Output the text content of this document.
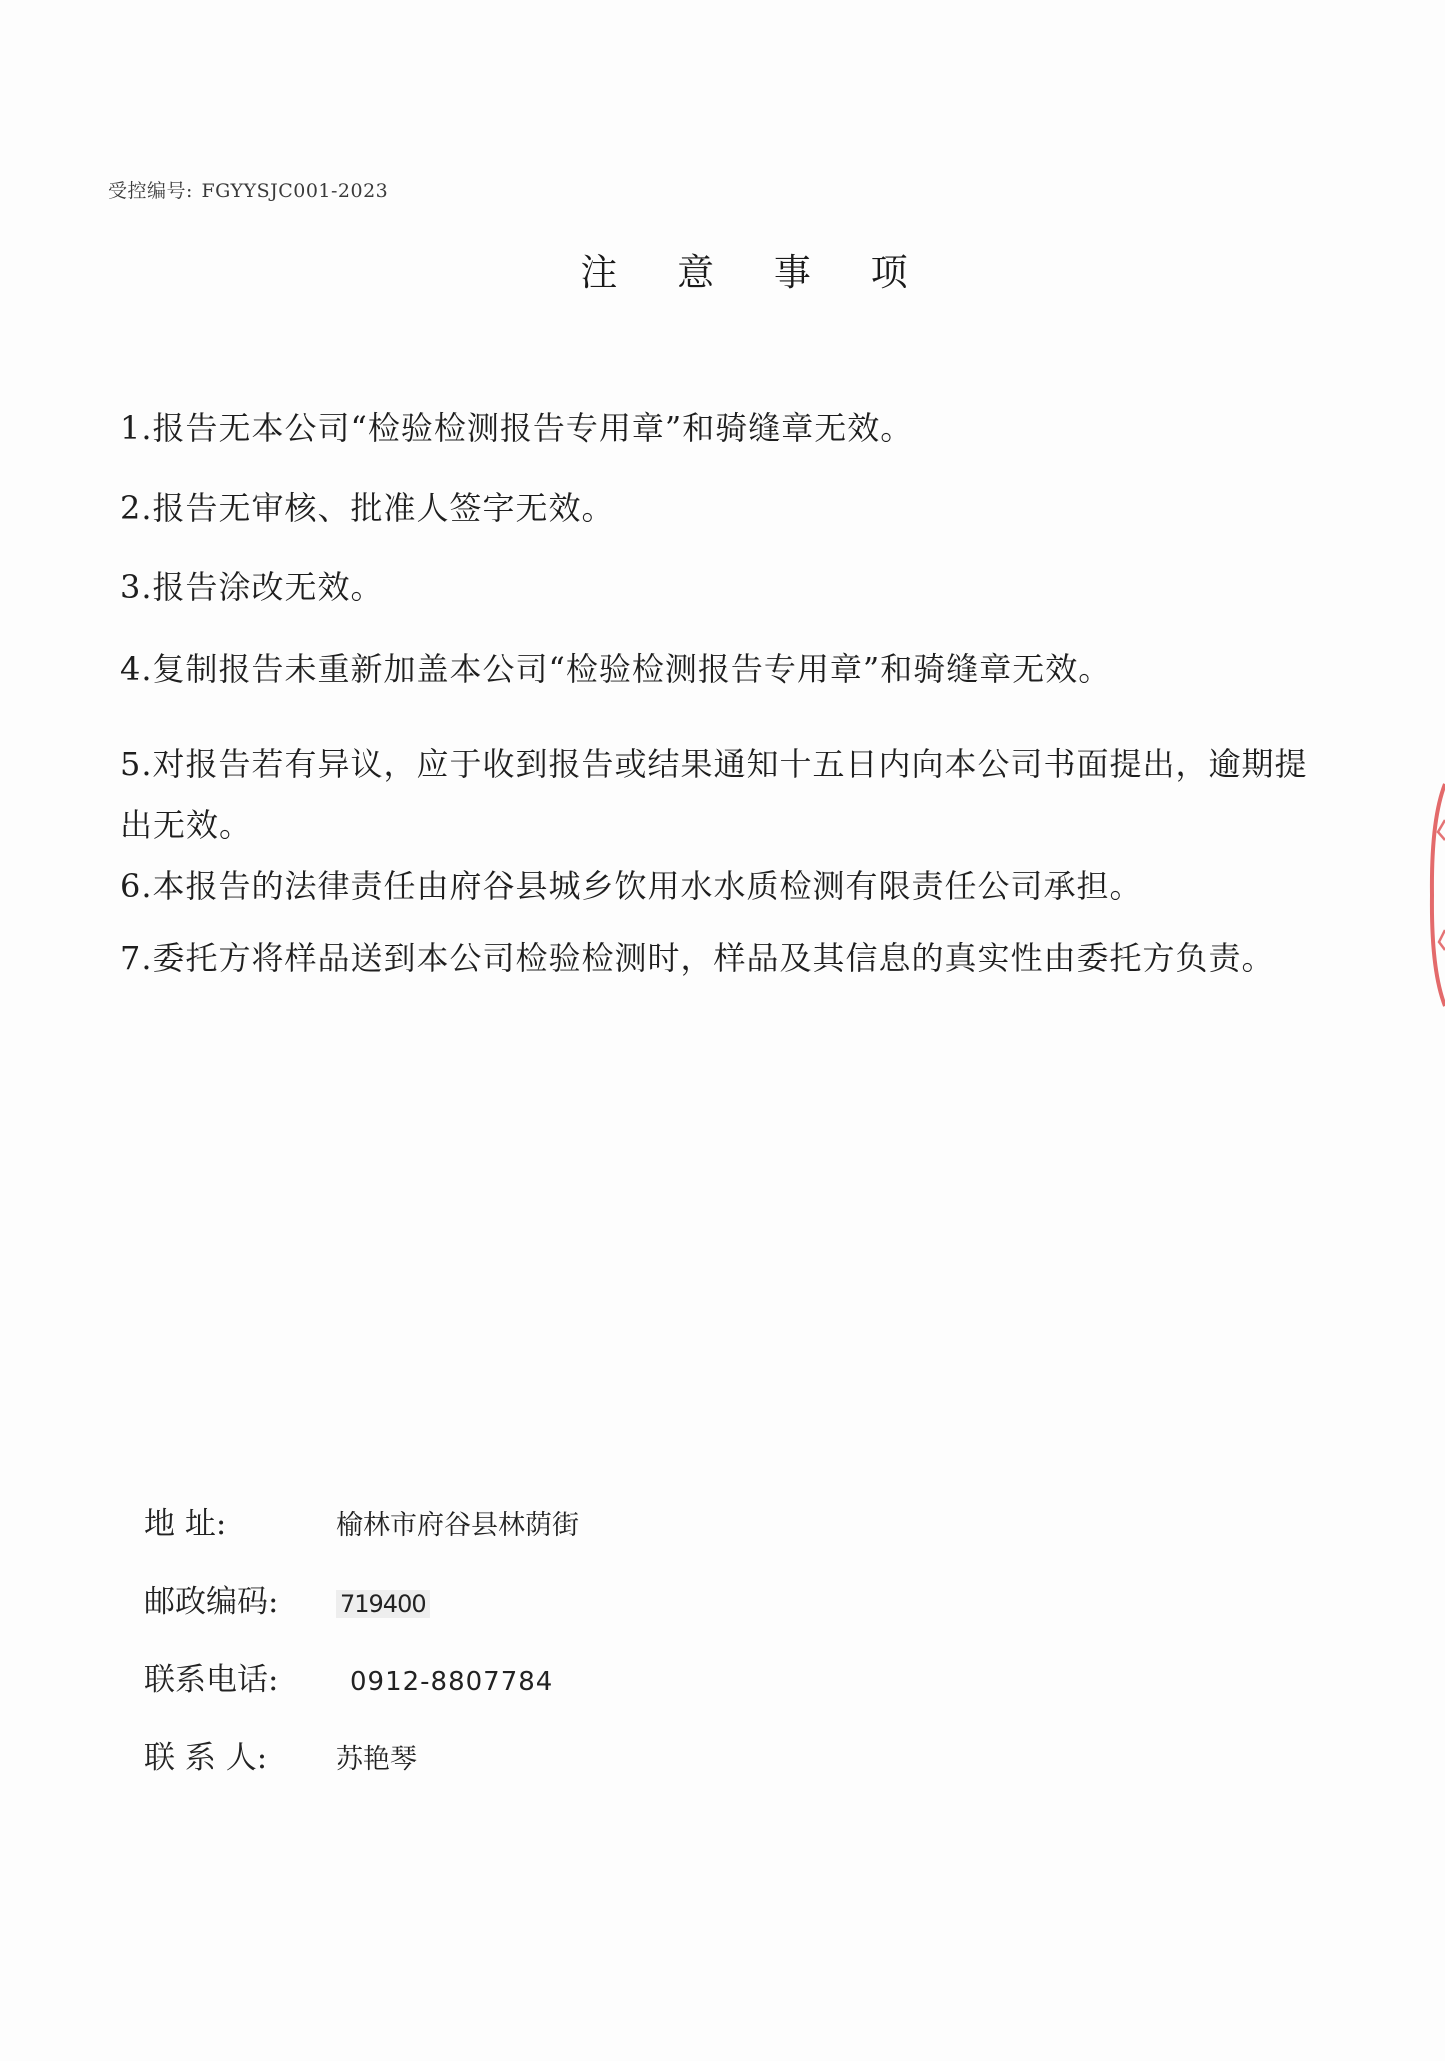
受控编号: FGYYSJC001-2023
注 意 事 项
1.报告无本公司“检验检测报告专用章”和骑缝章无效。
2.报告无审核、批准人签字无效。
3.报告涂改无效。
4.复制报告未重新加盖本公司“检验检测报告专用章”和骑缝章无效。
5.对报告若有异议，应于收到报告或结果通知十五日内向本公司书面提出，逾期提出无效。
6.本报告的法律责任由府谷县城乡饮用水水质检测有限责任公司承担。
7.委托方将样品送到本公司检验检测时，样品及其信息的真实性由委托方负责。
地 址:	榆林市府谷县林荫街
邮政编码:	719400
联系电话:	0912-8807784
联 系 人:	苏艳琴
